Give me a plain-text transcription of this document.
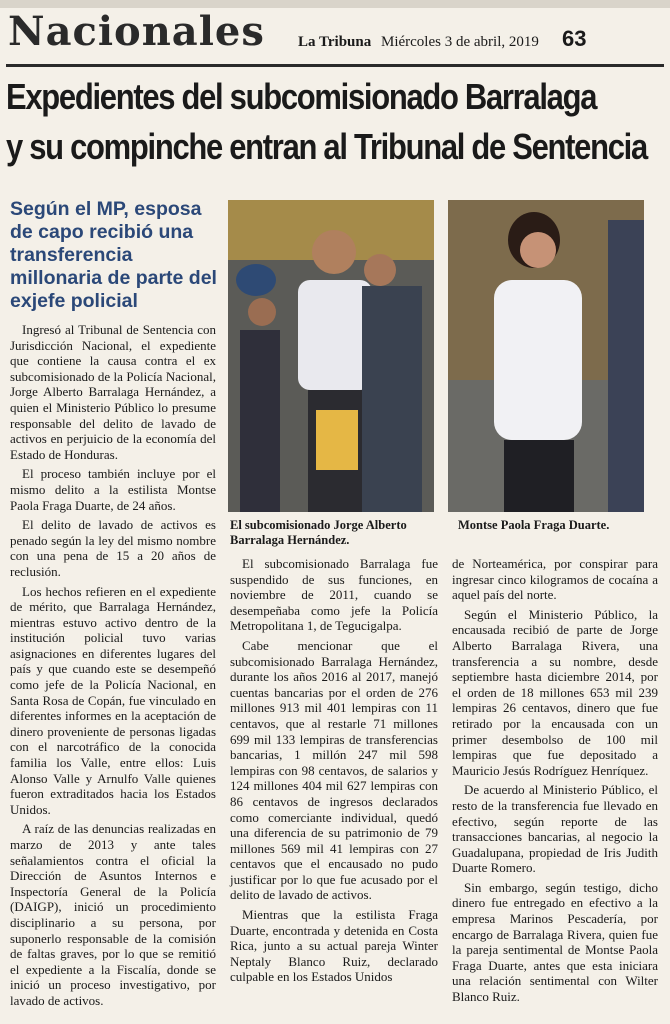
Nacionales La Tribuna Miércoles 3 de abril, 2019 63
Expedientes del subcomisionado Barralaga
y su compinche entran al Tribunal de Sentencia
Según el MP, esposa de capo recibió una transferencia millonaria de parte del exjefe policial
El subcomisionado Jorge Alberto Barralaga Hernández.
Montse Paola Fraga Duarte.

Ingresó al Tribunal de Sentencia con Jurisdicción Nacional, el expediente que contiene la causa contra el ex subcomisionado de la Policía Nacional, Jorge Alberto Barralaga Hernández, a quien el Ministerio Público lo presume responsable del delito de lavado de activos en perjuicio de la economía del Estado de Honduras.

El proceso también incluye por el mismo delito a la estilista Montse Paola Fraga Duarte, de 24 años.

El delito de lavado de activos es penado según la ley del mismo nombre con una pena de 15 a 20 años de reclusión.

Los hechos refieren en el expediente de mérito, que Barralaga Hernández, mientras estuvo activo dentro de la institución policial tuvo varias asignaciones en diferentes lugares del país y que cuando este se desempeñó como jefe de la Policía Nacional, en Santa Rosa de Copán, fue vinculado en diferentes informes en la aceptación de dinero proveniente de personas ligadas con el narcotráfico de la conocida familia los Valle, entre ellos: Luis Alonso Valle y Arnulfo Valle quienes fueron extraditados hacia los Estados Unidos.

A raíz de las denuncias realizadas en marzo de 2013 y ante tales señalamientos contra el oficial la Dirección de Asuntos Internos e Inspectoría General de la Policía (DAIGP), inició un procedimiento disciplinario a su persona, por suponerlo responsable de la comisión de faltas graves, por lo que se remitió el expediente a la Fiscalía, donde se inició un proceso investigativo, por lavado de activos.

El subcomisionado Barralaga fue suspendido de sus funciones, en noviembre de 2011, cuando se desempeñaba como jefe la Policía Metropolitana 1, de Tegucigalpa.

Cabe mencionar que el subcomisionado Barralaga Hernández, durante los años 2016 al 2017, manejó cuentas bancarias por el orden de 276 millones 913 mil 401 lempiras con 11 centavos, que al restarle 71 millones 699 mil 133 lempiras de transferencias bancarias, 1 millón 247 mil 598 lempiras con 98 centavos, de salarios y 124 millones 404 mil 627 lempiras con 86 centavos de ingresos declarados como comerciante individual, quedó una diferencia de su patrimonio de 79 millones 569 mil 41 lempiras con 27 centavos que el encausado no pudo justificar por lo que fue acusado por el delito de lavado de activos.

Mientras que la estilista Fraga Duarte, encontrada y detenida en Costa Rica, junto a su actual pareja Winter Neptaly Blanco Ruiz, declarado culpable en los Estados Unidos

de Norteamérica, por conspirar para ingresar cinco kilogramos de cocaína a aquel país del norte.

Según el Ministerio Público, la encausada recibió de parte de Jorge Alberto Barralaga Rivera, una transferencia a su nombre, desde septiembre hasta diciembre 2014, por el orden de 18 millones 653 mil 239 lempiras 26 centavos, dinero que fue retirado por la encausada con un primer desembolso de 100 mil lempiras que fue depositado a Mauricio Jesús Rodríguez Henríquez.

De acuerdo al Ministerio Público, el resto de la transferencia fue llevado en efectivo, según reporte de las transacciones bancarias, al negocio la Guadalupana, propiedad de Iris Judith Duarte Romero.

Sin embargo, según testigo, dicho dinero fue entregado en efectivo a la empresa Marinos Pescadería, por encargo de Barralaga Rivera, quien fue la pareja sentimental de Montse Paola Fraga Duarte, antes que esta iniciara una relación sentimental con Wilter Blanco Ruiz.
